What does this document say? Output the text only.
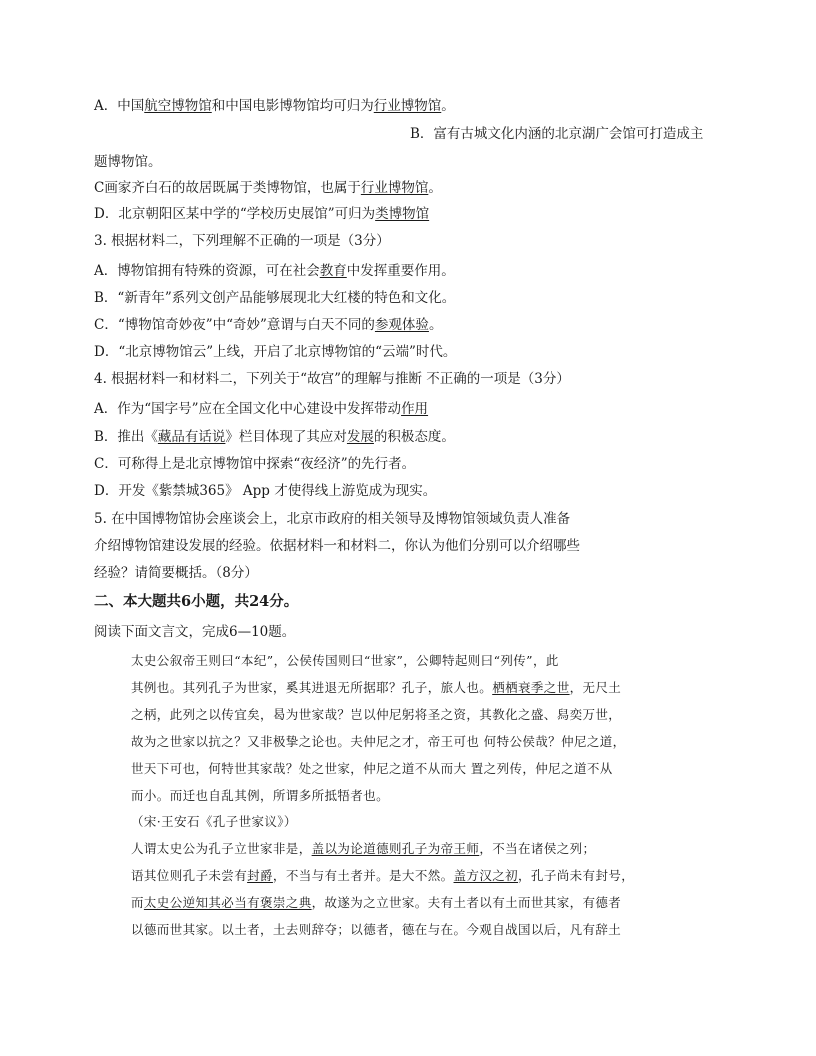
A．中国航空博物馆和中国电影博物馆均可归为行业博物馆。
B．富有古城文化内涵的北京湖广会馆可打造成主
题博物馆。
C画家齐白石的故居既属于类博物馆，也属于行业博物馆。
D．北京朝阳区某中学的“学校历史展馆”可归为类博物馆
3. 根据材料二，下列理解不正确的一项是（3分）
A．博物馆拥有特殊的资源，可在社会教育中发挥重要作用。
B．“新青年”系列文创产品能够展现北大红楼的特色和文化。
C．“博物馆奇妙夜”中“奇妙”意谓与白天不同的参观体验。
D．“北京博物馆云”上线，开启了北京博物馆的“云端”时代。
4. 根据材料一和材料二，下列关于“故宫”的理解与推断 不正确的一项是（3分）
A．作为“国字号”应在全国文化中心建设中发挥带动作用
B．推出《藏品有话说》栏目体现了其应对发展的积极态度。
C．可称得上是北京博物馆中探索“夜经济”的先行者。
D．开发《紫禁城365》 App 才使得线上游览成为现实。
5. 在中国博物馆协会座谈会上，北京市政府的相关领导及博物馆领域负责人准备
介绍博物馆建设发展的经验。依据材料一和材料二，你认为他们分别可以介绍哪些
经验？请简要概括。（8分）
二、本大题共6小题，共24分。
阅读下面文言文，完成6—10题。
太史公叙帝王则曰“本纪”，公侯传国则曰“世家”，公卿特起则曰“列传”，此
其例也。其列孔子为世家，奚其进退无所据耶？孔子，旅人也。栖栖衰季之世，无尺土
之柄，此列之以传宜矣，曷为世家哉？岂以仲尼躬将圣之资，其教化之盛、舄奕万世，
故为之世家以抗之？又非极挚之论也。夫仲尼之才，帝王可也 何特公侯哉？仲尼之道，
世天下可也，何特世其家哉？处之世家，仲尼之道不从而大 置之列传，仲尼之道不从
而小。而迁也自乱其例，所谓多所抵牾者也。
（宋·王安石《孔子世家议》）
人谓太史公为孔子立世家非是，盖以为论道德则孔子为帝王师，不当在诸侯之列；
语其位则孔子未尝有封爵，不当与有土者并。是大不然。盖方汉之初，孔子尚未有封号，
而太史公逆知其必当有褒崇之典，故遂为之立世家。夫有土者以有土而世其家，有德者
以德而世其家。以土者，土去则辞夺；以德者，德在与在。今观自战国以后，凡有辞土
